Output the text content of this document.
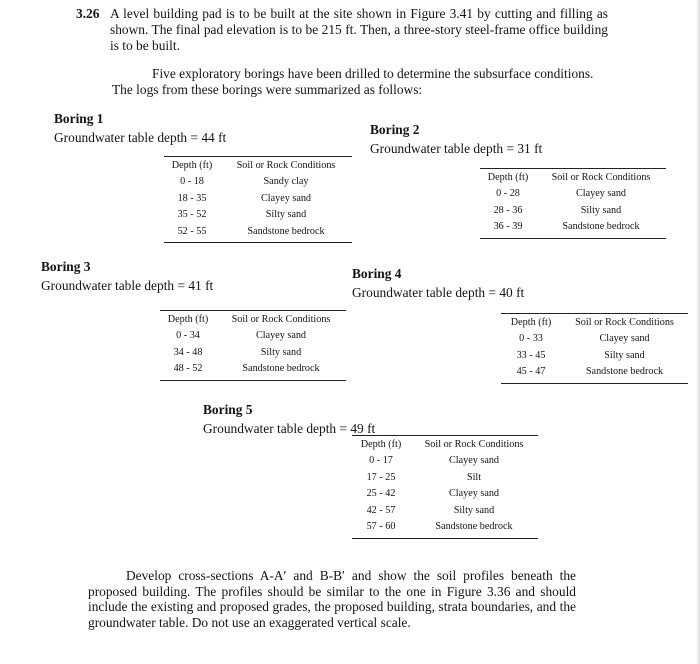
3.26 A level building pad is to be built at the site shown in Figure 3.41 by cutting and filling as shown. The final pad elevation is to be 215 ft. Then, a three-story steel-frame office building is to be built.
Five exploratory borings have been drilled to determine the subsurface conditions.
The logs from these borings were summarized as follows:
Boring 1
Groundwater table depth = 44 ft
Depth (ft)	Soil or Rock Conditions
0 - 18	Sandy clay
18 - 35	Clayey sand
35 - 52	Silty sand
52 - 55	Sandstone bedrock
Boring 2
Groundwater table depth = 31 ft
Depth (ft)	Soil or Rock Conditions
0 - 28	Clayey sand
28 - 36	Silty sand
36 - 39	Sandstone bedrock
Boring 3
Groundwater table depth = 41 ft
Depth (ft)	Soil or Rock Conditions
0 - 34	Clayey sand
34 - 48	Silty sand
48 - 52	Sandstone bedrock
Boring 4
Groundwater table depth = 40 ft
Depth (ft)	Soil or Rock Conditions
0 - 33	Clayey sand
33 - 45	Silty sand
45 - 47	Sandstone bedrock
Boring 5
Groundwater table depth = 49 ft
Depth (ft)	Soil or Rock Conditions
0 - 17	Clayey sand
17 - 25	Silt
25 - 42	Clayey sand
42 - 57	Silty sand
57 - 60	Sandstone bedrock
Develop cross-sections A-A′ and B-B′ and show the soil profiles beneath the proposed building. The profiles should be similar to the one in Figure 3.36 and should include the existing and proposed grades, the proposed building, strata boundaries, and the groundwater table. Do not use an exaggerated vertical scale.
